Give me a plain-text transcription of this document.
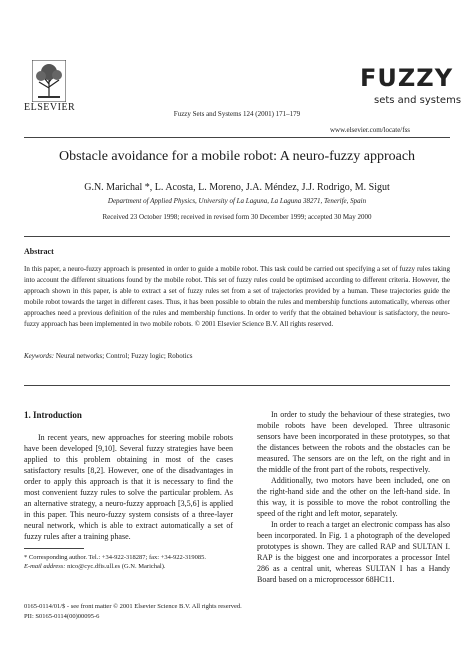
ELSEVIER
Fuzzy Sets and Systems 124 (2001) 171–179
FUZZY
sets and systems
www.elsevier.com/locate/fss
Obstacle avoidance for a mobile robot: A neuro-fuzzy approach
G.N. Marichal *, L. Acosta, L. Moreno, J.A. Méndez, J.J. Rodrigo, M. Sigut
Department of Applied Physics, University of La Laguna, La Laguna 38271, Tenerife, Spain
Received 23 October 1998; received in revised form 30 December 1999; accepted 30 May 2000
Abstract
In this paper, a neuro-fuzzy approach is presented in order to guide a mobile robot. This task could be carried out specifying a set of fuzzy rules taking into account the different situations found by the mobile robot. This set of fuzzy rules could be optimised according to different criteria. However, the approach shown in this paper, is able to extract a set of fuzzy rules set from a set of trajectories provided by a human. These trajectories guide the mobile robot towards the target in different cases. Thus, it has been possible to obtain the rules and membership functions automatically, whereas other approaches need a previous definition of the rules and membership functions. In order to verify that the obtained behaviour is satisfactory, the neuro-fuzzy approach has been implemented in two mobile robots. © 2001 Elsevier Science B.V. All rights reserved.
Keywords: Neural networks; Control; Fuzzy logic; Robotics
1. Introduction

In recent years, new approaches for steering mobile robots have been developed [9,10]. Several fuzzy strategies have been applied to this problem obtaining in most of the cases satisfactory results [8,2]. However, one of the disadvantages in order to apply this approach is that it is necessary to find the most convenient fuzzy rules to solve the particular problem. As an alternative strategy, a neuro-fuzzy approach [3,5,6] is applied in this paper. This neuro-fuzzy system consists of a three-layer neural network, which is able to extract automatically a set of fuzzy rules after a training phase.

In order to study the behaviour of these strategies, two mobile robots have been developed. Three ultrasonic sensors have been incorporated in these prototypes, so that the distances between the robots and the obstacles can be measured. The sensors are on the left, on the right and in the middle of the front part of the robots, respectively.

Additionally, two motors have been included, one on the right-hand side and the other on the left-hand side. In this way, it is possible to move the robot controlling the speed of the right and left motor, separately.

In order to reach a target an electronic compass has also been incorporated. In Fig. 1 a photograph of the developed prototypes is shown. They are called RAP and SULTAN I. RAP is the biggest one and incorporates a processor Intel 286 as a central unit, whereas SULTAN I has a Handy Board based on a microprocessor 68HC11.

* Corresponding author. Tel.: +34-922-318287; fax: +34-922-319085.
E-mail address: nico@cyc.dfis.ull.es (G.N. Marichal).
0165-0114/01/$ - see front matter © 2001 Elsevier Science B.V. All rights reserved.
PII: S0165-0114(00)00095-6
